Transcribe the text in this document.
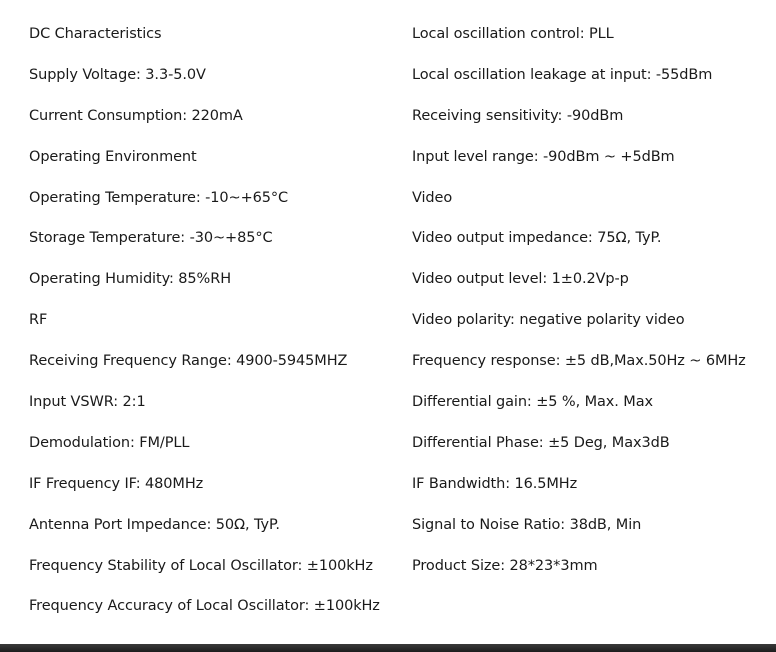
DC Characteristics
Supply Voltage: 3.3-5.0V
Current Consumption: 220mA
Operating Environment
Operating Temperature: -10~+65°C
Storage Temperature: -30~+85°C
Operating Humidity: 85%RH
RF
Receiving Frequency Range: 4900-5945MHZ
Input VSWR: 2:1
Demodulation: FM/PLL
IF Frequency IF: 480MHz
Antenna Port Impedance: 50Ω, TyP.
Frequency Stability of Local Oscillator: ±100kHz
Frequency Accuracy of Local Oscillator: ±100kHz
Local oscillation control: PLL
Local oscillation leakage at input: -55dBm
Receiving sensitivity: -90dBm
Input level range: -90dBm ~ +5dBm
Video
Video output impedance: 75Ω, TyP.
Video output level: 1±0.2Vp-p
Video polarity: negative polarity video
Frequency response: ±5 dB,Max.50Hz ~ 6MHz
Differential gain: ±5 %, Max. Max
Differential Phase: ±5 Deg, Max3dB
IF Bandwidth: 16.5MHz
Signal to Noise Ratio: 38dB, Min
Product Size: 28*23*3mm
